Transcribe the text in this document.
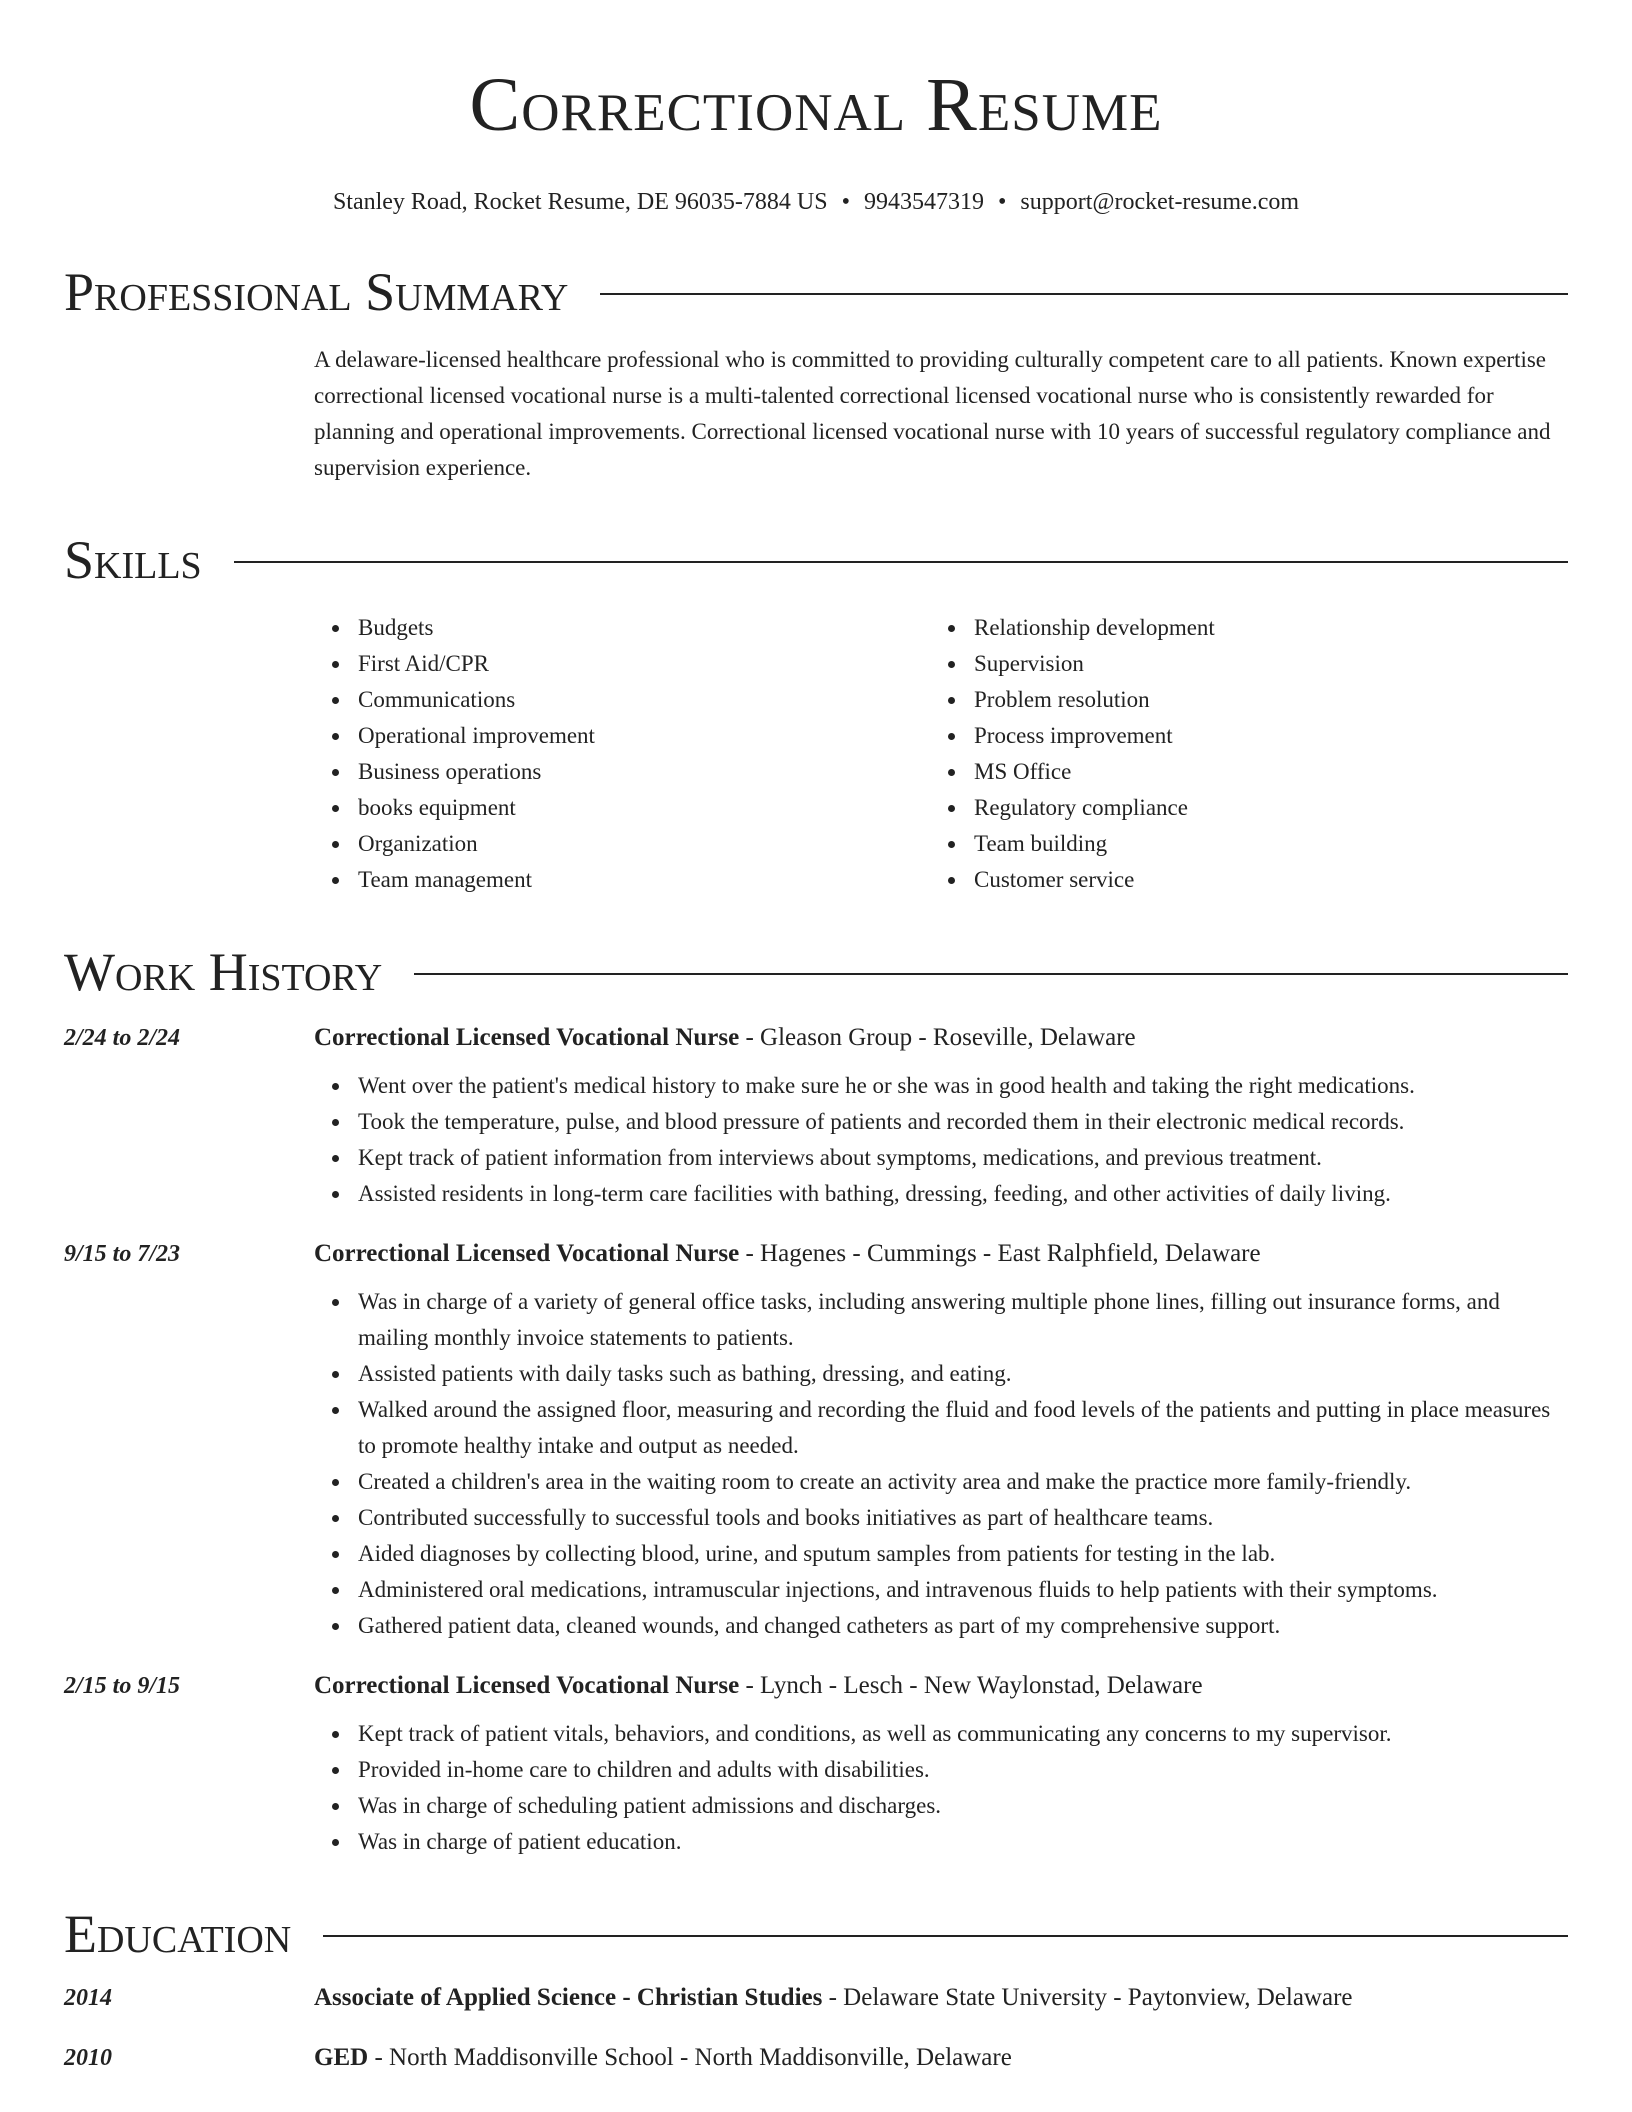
Correctional Resume
Stanley Road, Rocket Resume, DE 96035-7884 US • 9943547319 • support@rocket-resume.com
Professional Summary
A delaware-licensed healthcare professional who is committed to providing culturally competent care to all patients. Known expertise correctional licensed vocational nurse is a multi-talented correctional licensed vocational nurse who is consistently rewarded for planning and operational improvements. Correctional licensed vocational nurse with 10 years of successful regulatory compliance and supervision experience.
Skills
Budgets
First Aid/CPR
Communications
Operational improvement
Business operations
books equipment
Organization
Team management
Relationship development
Supervision
Problem resolution
Process improvement
MS Office
Regulatory compliance
Team building
Customer service
Work History
2/24 to 2/24	Correctional Licensed Vocational Nurse - Gleason Group - Roseville, Delaware
Went over the patient's medical history to make sure he or she was in good health and taking the right medications.
Took the temperature, pulse, and blood pressure of patients and recorded them in their electronic medical records.
Kept track of patient information from interviews about symptoms, medications, and previous treatment.
Assisted residents in long-term care facilities with bathing, dressing, feeding, and other activities of daily living.
9/15 to 7/23	Correctional Licensed Vocational Nurse - Hagenes - Cummings - East Ralphfield, Delaware
Was in charge of a variety of general office tasks, including answering multiple phone lines, filling out insurance forms, and mailing monthly invoice statements to patients.
Assisted patients with daily tasks such as bathing, dressing, and eating.
Walked around the assigned floor, measuring and recording the fluid and food levels of the patients and putting in place measures to promote healthy intake and output as needed.
Created a children's area in the waiting room to create an activity area and make the practice more family-friendly.
Contributed successfully to successful tools and books initiatives as part of healthcare teams.
Aided diagnoses by collecting blood, urine, and sputum samples from patients for testing in the lab.
Administered oral medications, intramuscular injections, and intravenous fluids to help patients with their symptoms.
Gathered patient data, cleaned wounds, and changed catheters as part of my comprehensive support.
2/15 to 9/15	Correctional Licensed Vocational Nurse - Lynch - Lesch - New Waylonstad, Delaware
Kept track of patient vitals, behaviors, and conditions, as well as communicating any concerns to my supervisor.
Provided in-home care to children and adults with disabilities.
Was in charge of scheduling patient admissions and discharges.
Was in charge of patient education.
Education
2014	Associate of Applied Science - Christian Studies - Delaware State University - Paytonview, Delaware
2010	GED - North Maddisonville School - North Maddisonville, Delaware
